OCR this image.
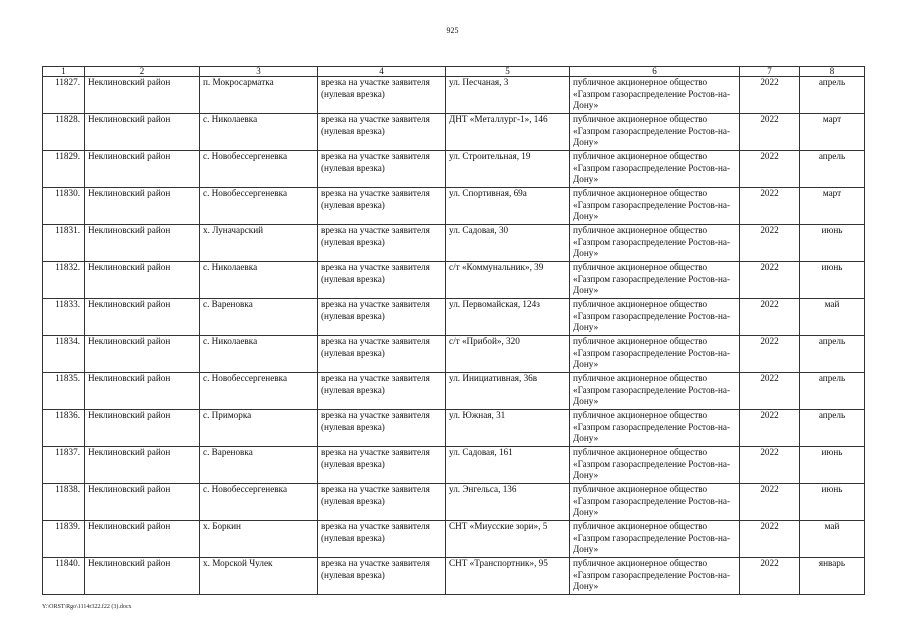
925
1	2	3	4	5	6	7	8
11827.	Неклиновский район	п. Мокросарматка	врезка на участке заявителя (нулевая врезка)	ул. Песчаная, 3	публичное акционерное общество «Газпром газораспределение Ростов-на-Дону»	2022	апрель
11828.	Неклиновский район	с. Николаевка	врезка на участке заявителя (нулевая врезка)	ДНТ «Металлург-1», 146	публичное акционерное общество «Газпром газораспределение Ростов-на-Дону»	2022	март
11829.	Неклиновский район	с. Новобессергеневка	врезка на участке заявителя (нулевая врезка)	ул. Строительная, 19	публичное акционерное общество «Газпром газораспределение Ростов-на-Дону»	2022	апрель
11830.	Неклиновский район	с. Новобессергеневка	врезка на участке заявителя (нулевая врезка)	ул. Спортивная, 69а	публичное акционерное общество «Газпром газораспределение Ростов-на-Дону»	2022	март
11831.	Неклиновский район	х. Луначарский	врезка на участке заявителя (нулевая врезка)	ул. Садовая, 30	публичное акционерное общество «Газпром газораспределение Ростов-на-Дону»	2022	июнь
11832.	Неклиновский район	с. Николаевка	врезка на участке заявителя (нулевая врезка)	с/т «Коммунальник», 39	публичное акционерное общество «Газпром газораспределение Ростов-на-Дону»	2022	июнь
11833.	Неклиновский район	с. Вареновка	врезка на участке заявителя (нулевая врезка)	ул. Первомайская, 124з	публичное акционерное общество «Газпром газораспределение Ростов-на-Дону»	2022	май
11834.	Неклиновский район	с. Николаевка	врезка на участке заявителя (нулевая врезка)	с/т «Прибой», 320	публичное акционерное общество «Газпром газораспределение Ростов-на-Дону»	2022	апрель
11835.	Неклиновский район	с. Новобессергеневка	врезка на участке заявителя (нулевая врезка)	ул. Инициативная, 36в	публичное акционерное общество «Газпром газораспределение Ростов-на-Дону»	2022	апрель
11836.	Неклиновский район	с. Приморка	врезка на участке заявителя (нулевая врезка)	ул. Южная, 31	публичное акционерное общество «Газпром газораспределение Ростов-на-Дону»	2022	апрель
11837.	Неклиновский район	с. Вареновка	врезка на участке заявителя (нулевая врезка)	ул. Садовая, 161	публичное акционерное общество «Газпром газораспределение Ростов-на-Дону»	2022	июнь
11838.	Неклиновский район	с. Новобессергеневка	врезка на участке заявителя (нулевая врезка)	ул. Энгельса, 136	публичное акционерное общество «Газпром газораспределение Ростов-на-Дону»	2022	июнь
11839.	Неклиновский район	х. Боркин	врезка на участке заявителя (нулевая врезка)	СНТ «Миусские зори», 5	публичное акционерное общество «Газпром газораспределение Ростов-на-Дону»	2022	май
11840.	Неклиновский район	х. Морской Чулек	врезка на участке заявителя (нулевая врезка)	СНТ «Транспортник», 95	публичное акционерное общество «Газпром газораспределение Ростов-на-Дону»	2022	январь
Y:\ORST\Rgo\1114r322.f22 (3).docx
